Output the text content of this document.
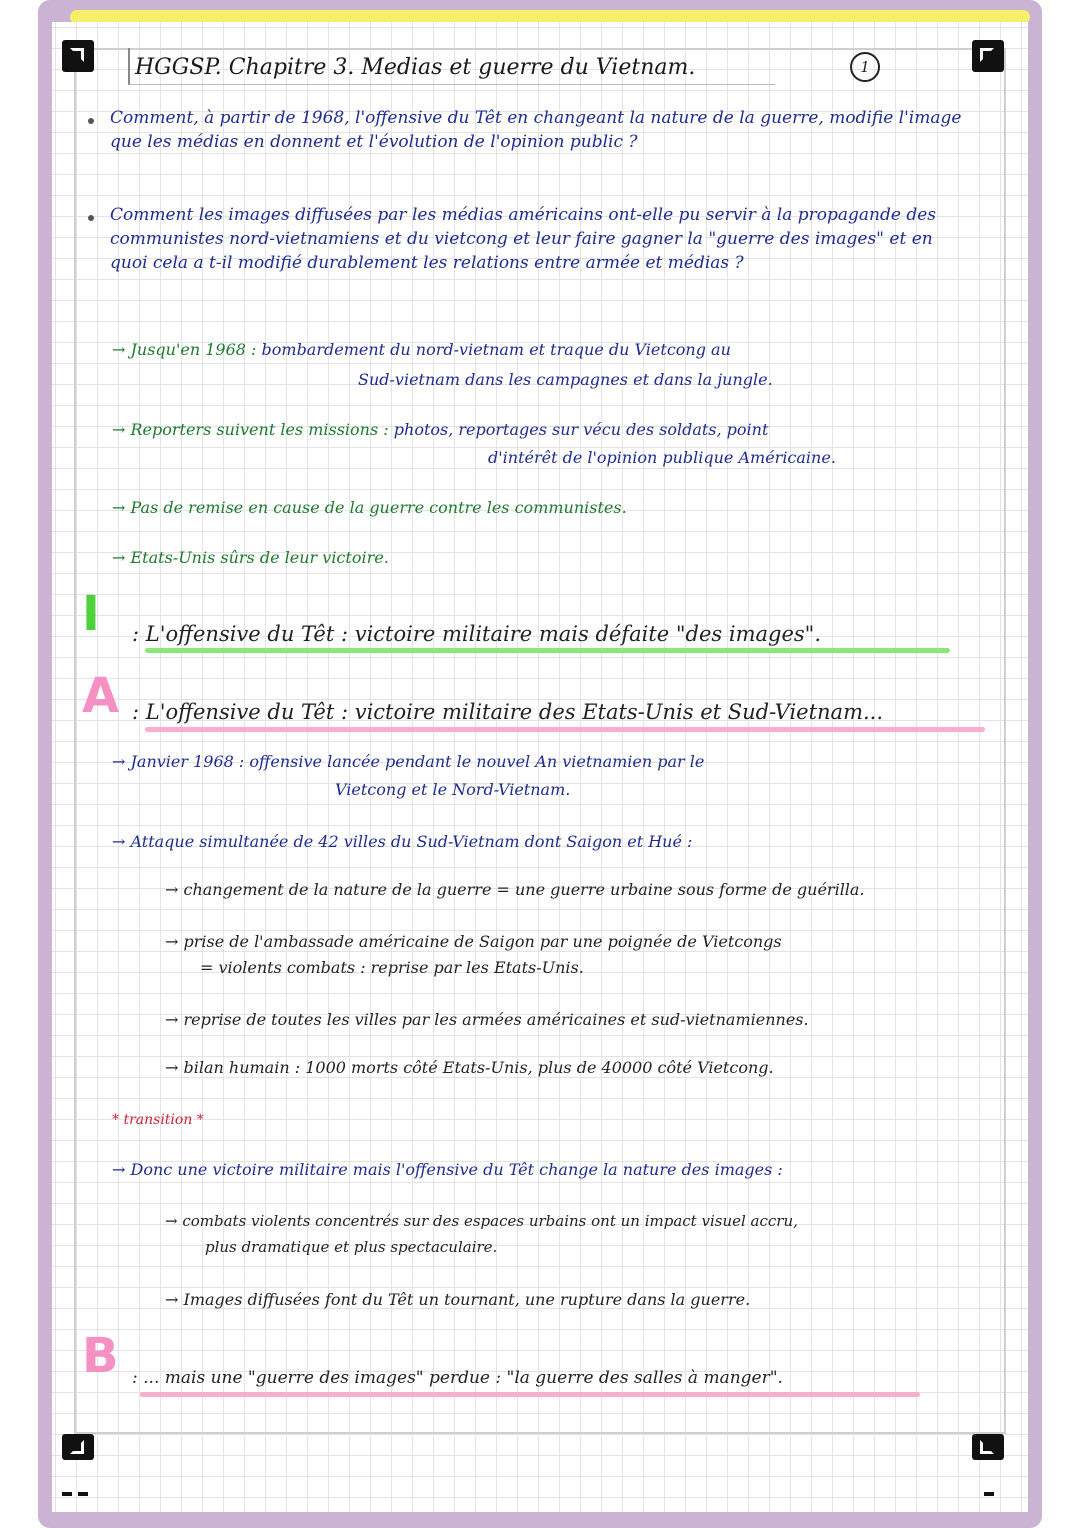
HGGSP. Chapitre 3. Medias et guerre du Vietnam.	1
Comment, à partir de 1968, l'offensive du Têt en changeant la nature de la guerre, modifie l'image que les médias en donnent et l'évolution de l'opinion public ?
Comment les images diffusées par les médias américains ont-elle pu servir à la propagande des communistes nord-vietnamiens et du vietcong et leur faire gagner la "guerre des images" et en quoi cela a t-il modifié durablement les relations entre armée et médias ?
→ Jusqu'en 1968 : bombardement du nord-vietnam et traque du Vietcong au
Sud-vietnam dans les campagnes et dans la jungle.
→ Reporters suivent les missions : photos, reportages sur vécu des soldats, point
d'intérêt de l'opinion publique Américaine.
→ Pas de remise en cause de la guerre contre les communistes.
→ Etats-Unis sûrs de leur victoire.
I : L'offensive du Têt : victoire militaire mais défaite "des images".
A : L'offensive du Têt : victoire militaire des Etats-Unis et Sud-Vietnam...
→ Janvier 1968 : offensive lancée pendant le nouvel An vietnamien par le
Vietcong et le Nord-Vietnam.
→ Attaque simultanée de 42 villes du Sud-Vietnam dont Saigon et Hué :
→ changement de la nature de la guerre = une guerre urbaine sous forme de guérilla.
→ prise de l'ambassade américaine de Saigon par une poignée de Vietcongs
= violents combats : reprise par les Etats-Unis.
→ reprise de toutes les villes par les armées américaines et sud-vietnamiennes.
→ bilan humain : 1000 morts côté Etats-Unis, plus de 40000 côté Vietcong.
* transition *
→ Donc une victoire militaire mais l'offensive du Têt change la nature des images :
→ combats violents concentrés sur des espaces urbains ont un impact visuel accru,
plus dramatique et plus spectaculaire.
→ Images diffusées font du Têt un tournant, une rupture dans la guerre.
B : ... mais une "guerre des images" perdue : "la guerre des salles à manger".
